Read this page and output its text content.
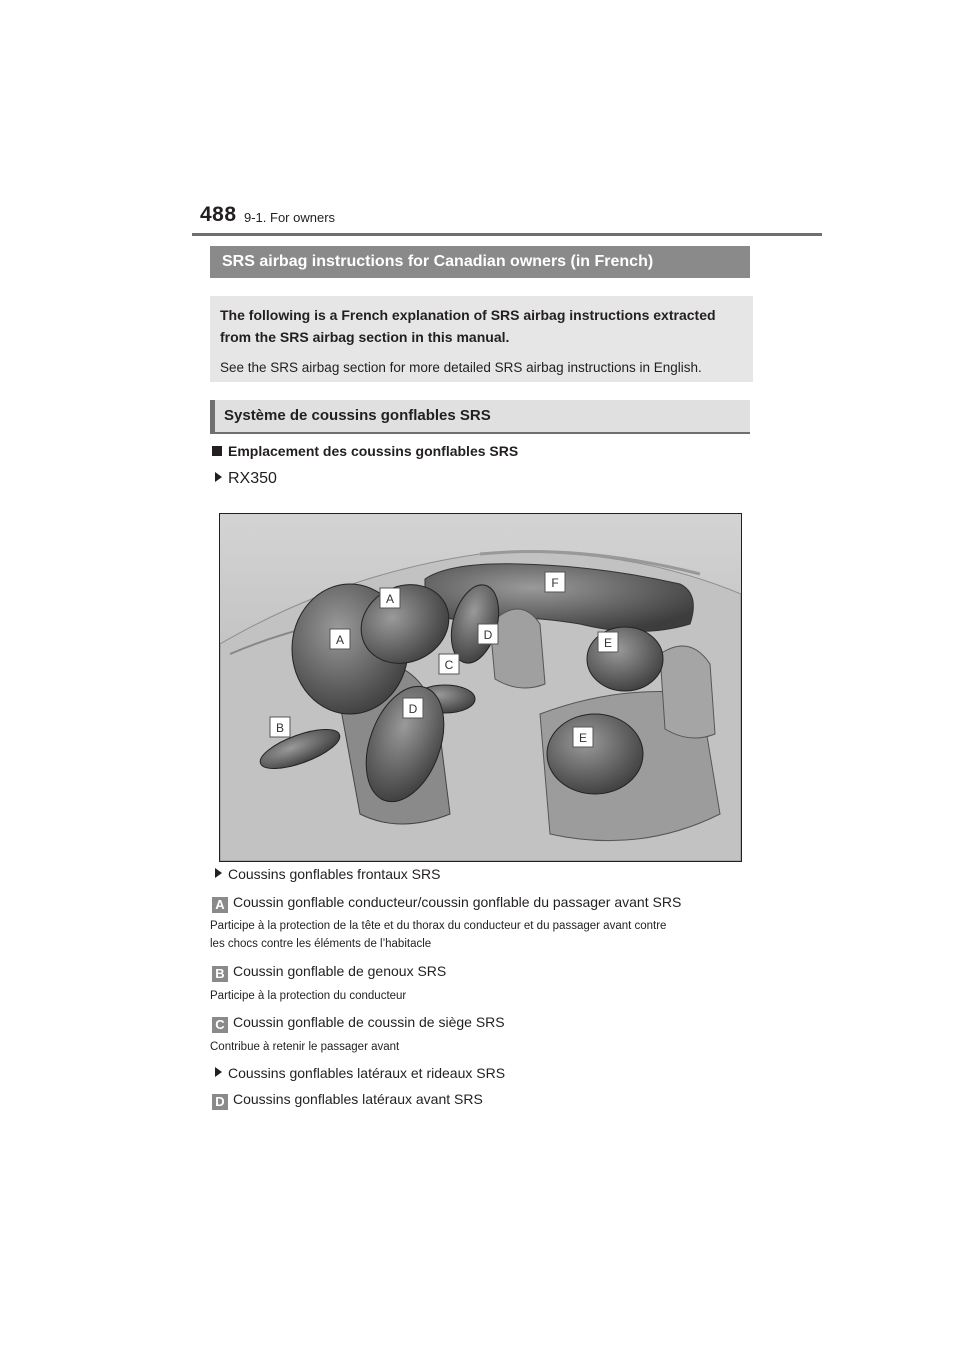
488 9-1. For owners
SRS airbag instructions for Canadian owners (in French)

The following is a French explanation of SRS airbag instructions extracted

from the SRS airbag section in this manual.

See the SRS airbag section for more detailed SRS airbag instructions in English.

Système de coussins gonflables SRS
Emplacement des coussins gonflables SRS
RX350
A
A
B
C
D
D
E
E
F
Coussins gonflables frontaux SRS
A Coussin gonflable conducteur/coussin gonflable du passager avant SRS
Participe à la protection de la tête et du thorax du conducteur et du passager avant contre
les chocs contre les éléments de l’habitacle
B Coussin gonflable de genoux SRS
Participe à la protection du conducteur
C Coussin gonflable de coussin de siège SRS
Contribue à retenir le passager avant
Coussins gonflables latéraux et rideaux SRS
D Coussins gonflables latéraux avant SRS
